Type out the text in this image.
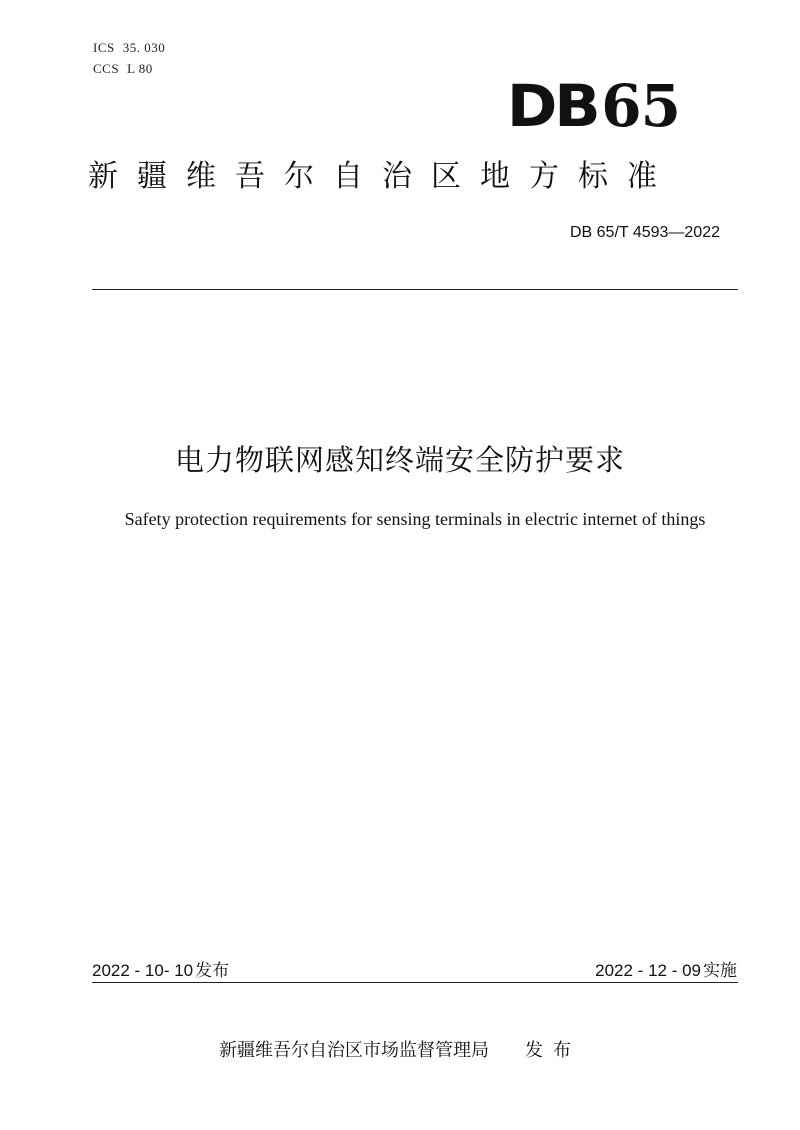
ICS 35. 030
CCS L 80
DB65
新疆维吾尔自治区地方标准
DB 65/T 4593—2022
电力物联网感知终端安全防护要求
Safety protection requirements for sensing terminals in electric internet of things
2022 - 10- 10 发布	2022 - 12 - 09 实施
新疆维吾尔自治区市场监督管理局 发布
